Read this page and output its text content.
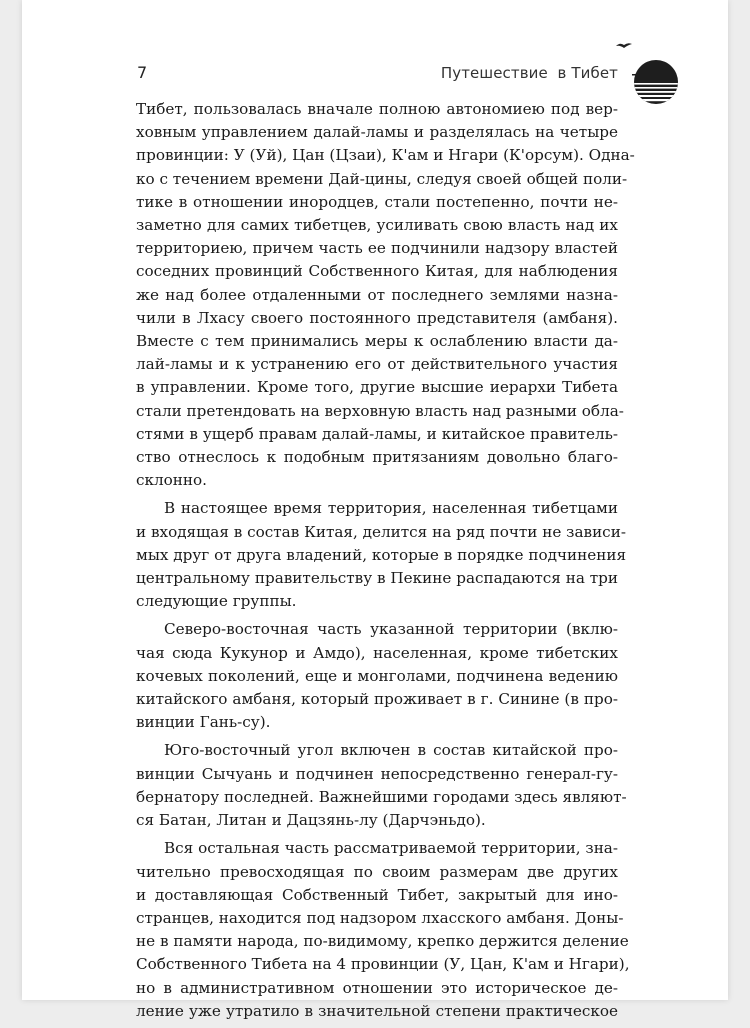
7	Путешествие  в Тибет
Тибет, пользовалась вначале полною автономиею под вер-
ховным управлением далай-ламы и разделялась на четыре
провинции: У (Уй), Цан (Цзаи), К'ам и Нгари (К'орсум). Одна-
ко с течением времени Дай-цины, следуя своей общей поли-
тике в отношении инородцев, стали постепенно, почти не-
заметно для самих тибетцев, усиливать свою власть над их
территориею, причем часть ее подчинили надзору властей
соседних провинций Собственного Китая, для наблюдения
же над более отдаленными от последнего землями назна-
чили в Лхасу своего постоянного представителя (амбаня).
Вместе с тем принимались меры к ослаблению власти да-
лай-ламы и к устранению его от действительного участия
в управлении. Кроме того, другие высшие иерархи Тибета
стали претендовать на верховную власть над разными обла-
стями в ущерб правам далай-ламы, и китайское правитель-
ство отнеслось к подобным притязаниям довольно благо-
склонно.
В настоящее время территория, населенная тибетцами
и входящая в состав Китая, делится на ряд почти не зависи-
мых друг от друга владений, которые в порядке подчинения
центральному правительству в Пекине распадаются на три
следующие группы.
Северо-восточная часть указанной территории (вклю-
чая сюда Кукунор и Амдо), населенная, кроме тибетских
кочевых поколений, еще и монголами, подчинена ведению
китайского амбаня, который проживает в г. Синине (в про-
винции Гань-су).
Юго-восточный угол включен в состав китайской про-
винции Сычуань и подчинен непосредственно генерал-гу-
бернатору последней. Важнейшими городами здесь являют-
ся Батан, Литан и Дацзянь-лу (Дарчэньдо).
Вся остальная часть рассматриваемой территории, зна-
чительно превосходящая по своим размерам две других
и доставляющая Собственный Тибет, закрытый для ино-
странцев, находится под надзором лхасского амбаня. Доны-
не в памяти народа, по-видимому, крепко держится деление
Собственного Тибета на 4 провинции (У, Цан, К'ам и Нгари),
но в административном отношении это историческое де-
ление уже утратило в значительной степени практическое
